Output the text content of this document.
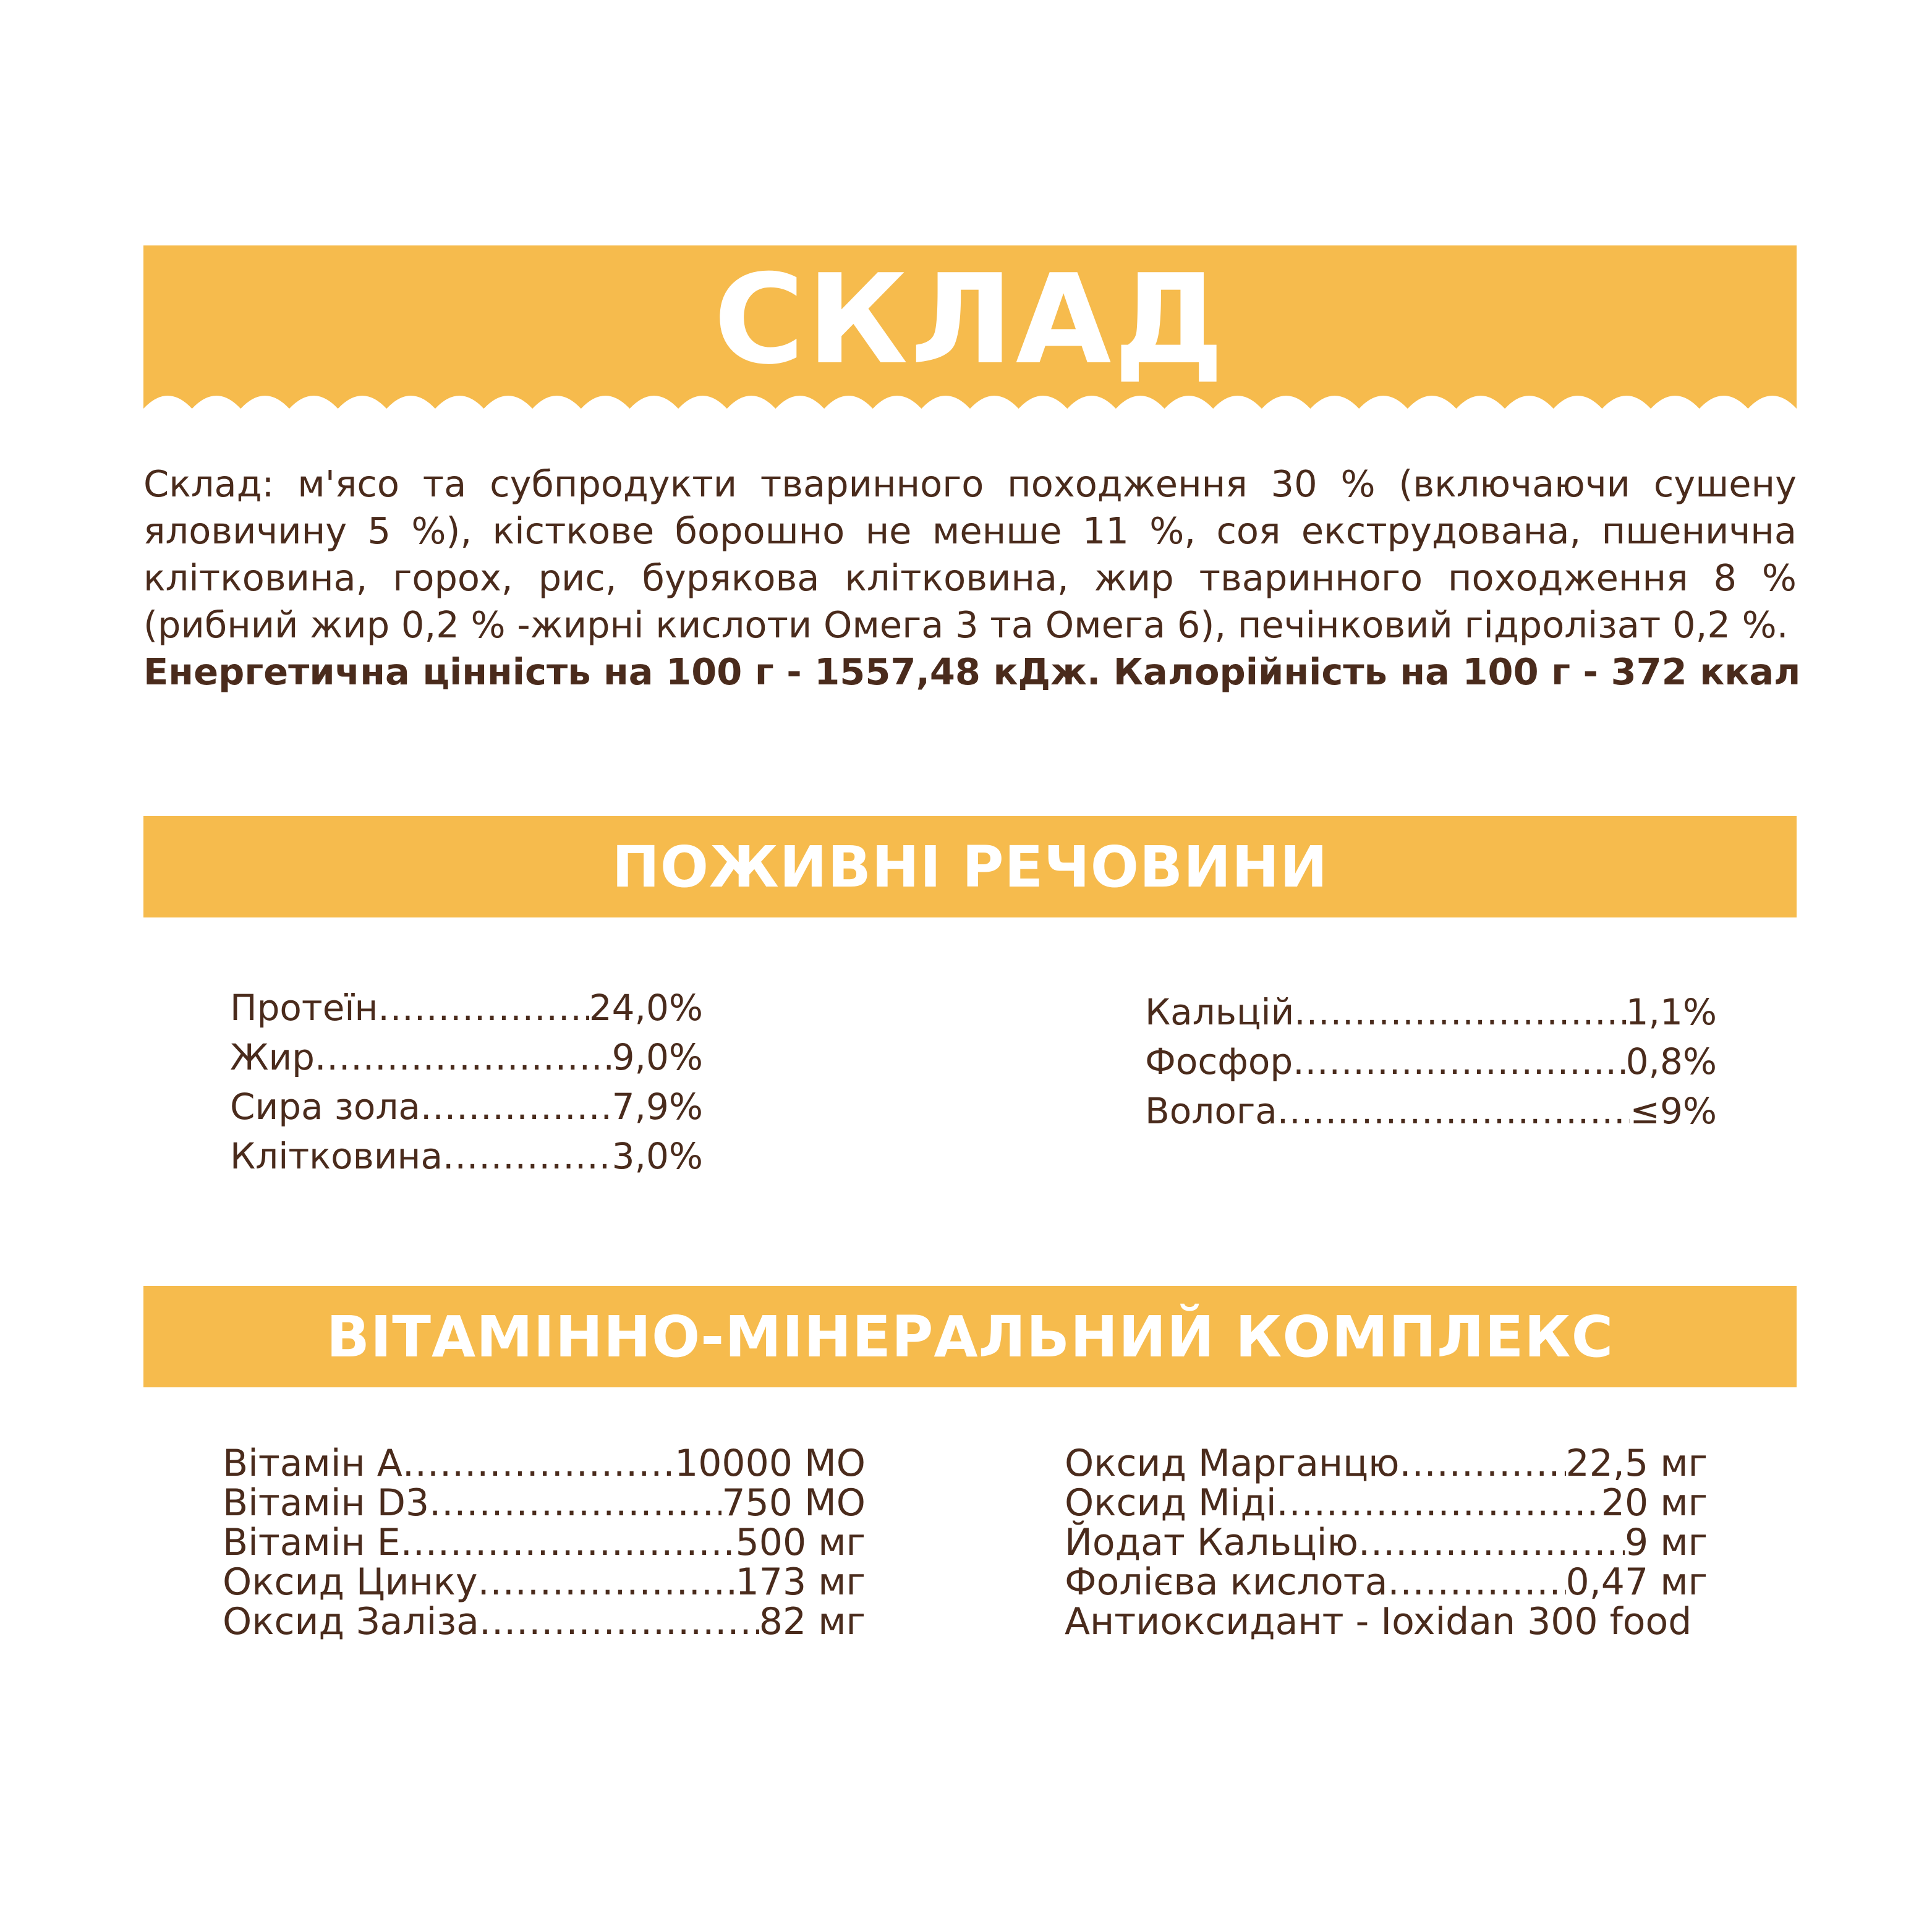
СКЛАД
Склад: м'ясо та субпродукти тваринного походження 30 % (включаючи сушену яловичину 5 %), кісткове борошно не менше 11 %, соя екструдована, пшенична клітковина, горох, рис, бурякова клітковина, жир тваринного походження 8 % (рибний жир 0,2 % -жирні кислоти Омега 3 та Омега 6), печінковий гідролізат 0,2 %.
Енергетична цінність на 100 г - 1557,48 кДж. Калорійність на 100 г - 372 ккал
ПОЖИВНІ РЕЧОВИНИ
Протеїн .....	24,0%
Жир .....	9,0%
Сира зола .....	7,9%
Клітковина .....	3,0%
Кальцій .....	1,1%
Фосфор .....	0,8%
Волога .....	≤9%
ВІТАМІННО-МІНЕРАЛЬНИЙ КОМПЛЕКС
Вітамін А .....	10000 МО
Вітамін D3 .....	750 МО
Вітамін Е .....	500 мг
Оксид Цинку .....	173 мг
Оксид Заліза .....	82 мг
Оксид Марганцю .....	22,5 мг
Оксид Міді .....	20 мг
Йодат Кальцію .....	9 мг
Фолієва кислота .....	0,47 мг
Антиоксидант - Ioxidan 300 food
